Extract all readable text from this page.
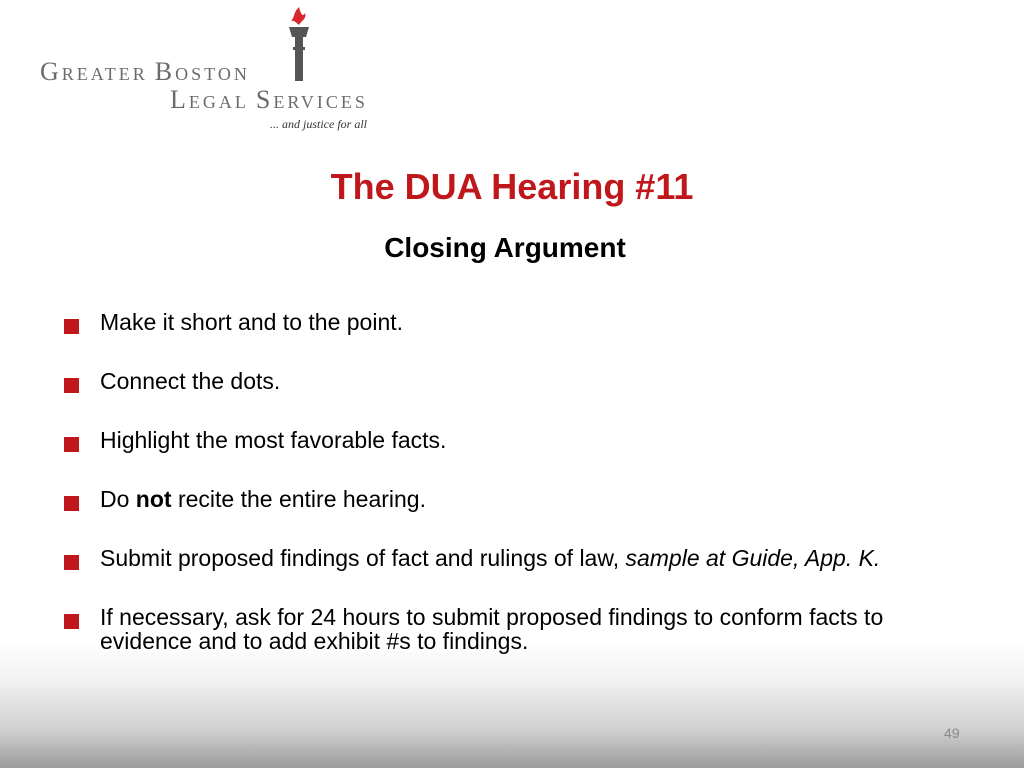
GREATER BOSTON
LEGAL SERVICES
... and justice for all
The DUA Hearing #11
Closing Argument
Make it short and to the point.
Connect the dots.
Highlight the most favorable facts.
Do not recite the entire hearing.
Submit proposed findings of fact and rulings of law, sample at Guide, App. K.
If necessary, ask for 24 hours to submit proposed findings to conform facts to evidence and to add exhibit #s to findings.
49
